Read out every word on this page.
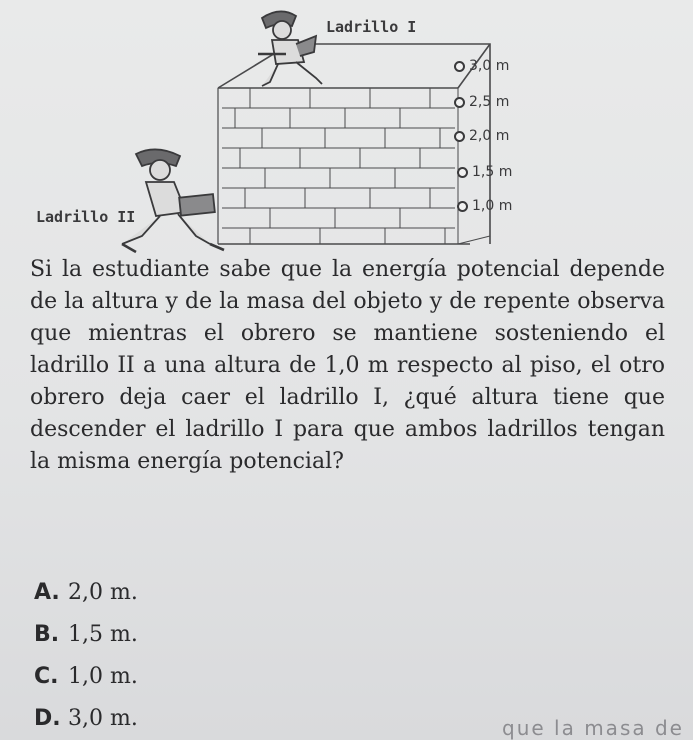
Ladrillo I
Ladrillo II
3,0 m
2,5 m
2,0 m
1,5 m
1,0 m

Si la estudiante sabe que la energía potencial depende de la altura y de la masa del objeto y de repente observa que mientras el obrero se mantiene sosteniendo el ladrillo II a una altura de 1,0 m respecto al piso, el otro obrero deja caer el ladrillo I, ¿qué altura tiene que descender el ladrillo I para que ambos ladrillos tengan la misma energía potencial?

A. 2,0 m.
B. 1,5 m.
C. 1,0 m.
D. 3,0 m.	que la masa de
